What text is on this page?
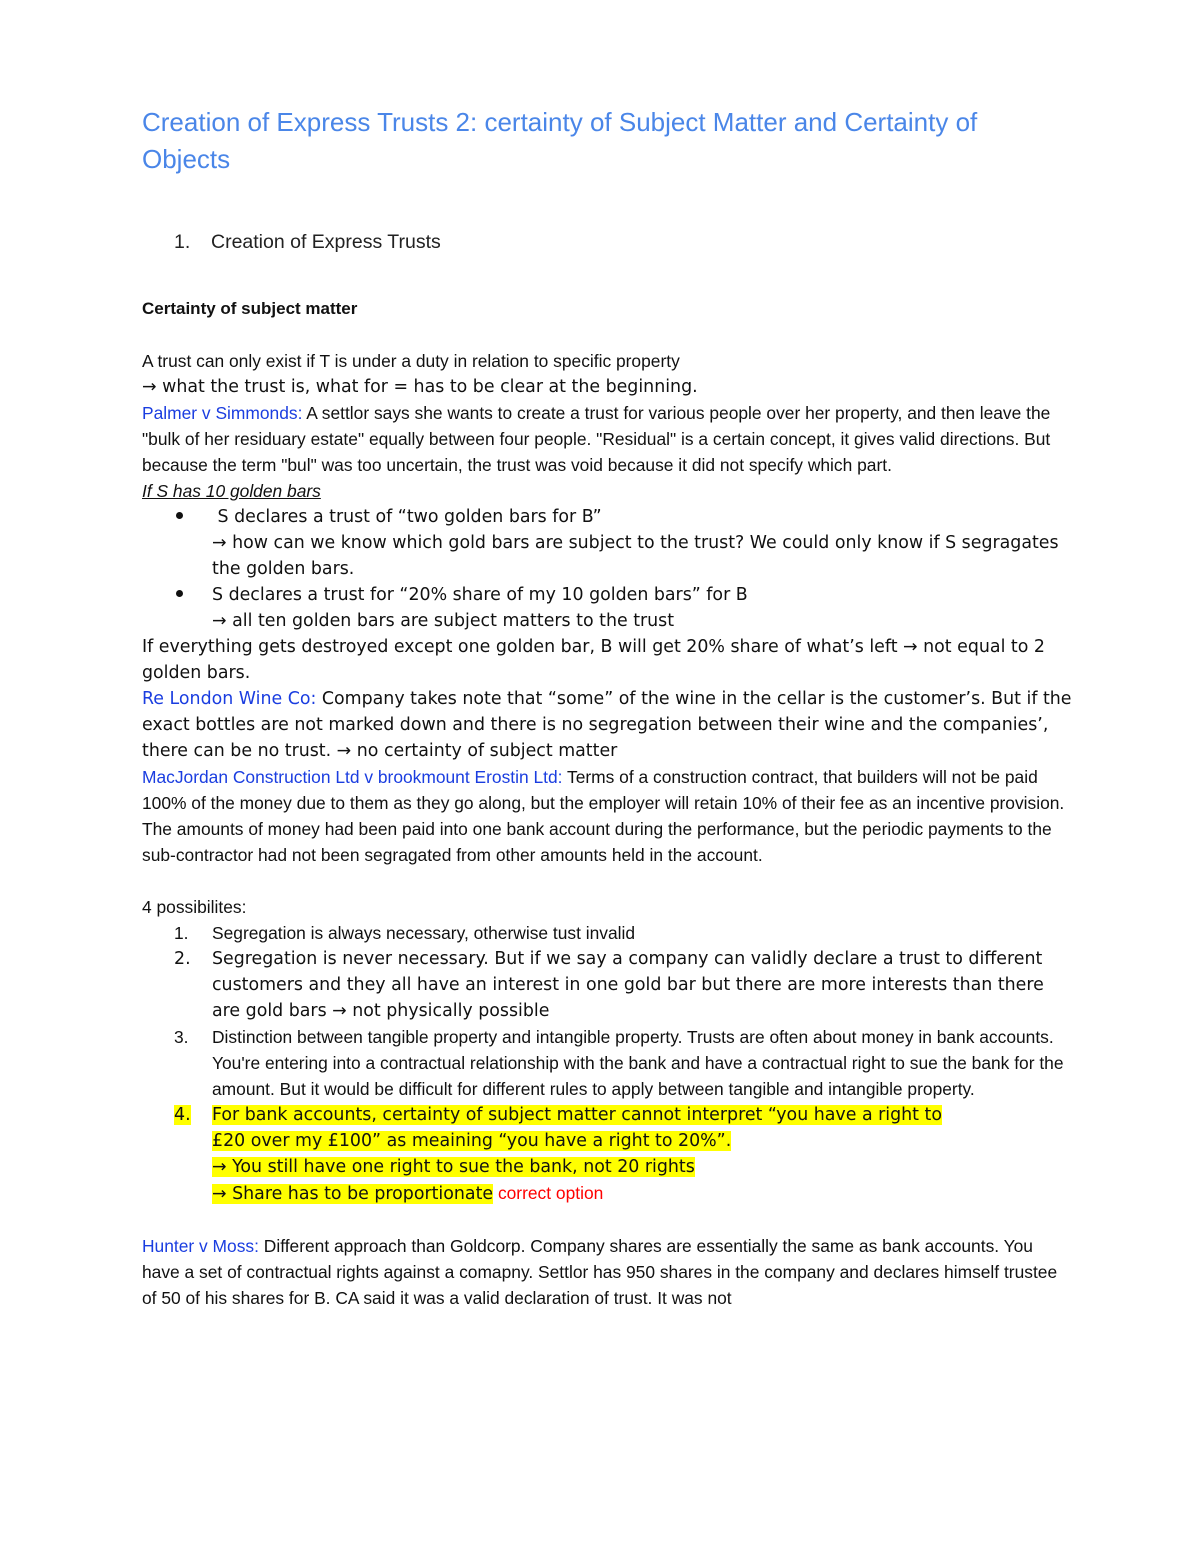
Creation of Express Trusts 2: certainty of Subject Matter and Certainty of Objects
1. Creation of Express Trusts
Certainty of subject matter

A trust can only exist if T is under a duty in relation to specific property

→ what the trust is, what for = has to be clear at the beginning.

Palmer v Simmonds: A settlor says she wants to create a trust for various people over her property, and then leave the "bulk of her residuary estate" equally between four people. "Residual" is a certain concept, it gives valid directions. But because the term "bul" was too uncertain, the trust was void because it did not specify which part.

If S has 10 golden bars

S declares a trust of “two golden bars for B”
→ how can we know which gold bars are subject to the trust? We could only know if S segragates the golden bars.
S declares a trust for “20% share of my 10 golden bars” for B
→ all ten golden bars are subject matters to the trust

If everything gets destroyed except one golden bar, B will get 20% share of what’s left → not equal to 2 golden bars.

Re London Wine Co: Company takes note that “some” of the wine in the cellar is the customer’s. But if the exact bottles are not marked down and there is no segregation between their wine and the companies’, there can be no trust. → no certainty of subject matter

MacJordan Construction Ltd v brookmount Erostin Ltd: Terms of a construction contract, that builders will not be paid 100% of the money due to them as they go along, but the employer will retain 10% of their fee as an incentive provision. The amounts of money had been paid into one bank account during the performance, but the periodic payments to the sub-contractor had not been segragated from other amounts held in the account.

4 possibilites:

1.	Segregation is always necessary, otherwise tust invalid
2.	Segregation is never necessary. But if we say a company can validly declare a trust to different customers and they all have an interest in one gold bar but there are more interests than there are gold bars → not physically possible
3.	Distinction between tangible property and intangible property. Trusts are often about money in bank accounts. You're entering into a contractual relationship with the bank and have a contractual right to sue the bank for the amount. But it would be difficult for different rules to apply between tangible and intangible property.
4.	For bank accounts, certainty of subject matter cannot interpret “you have a right to
£20 over my £100” as meaining “you have a right to 20%”.
→ You still have one right to sue the bank, not 20 rights
→ Share has to be proportionate correct option

Hunter v Moss: Different approach than Goldcorp. Company shares are essentially the same as bank accounts. You have a set of contractual rights against a comapny. Settlor has 950 shares in the company and declares himself trustee of 50 of his shares for B. CA said it was a valid declaration of trust. It was not
